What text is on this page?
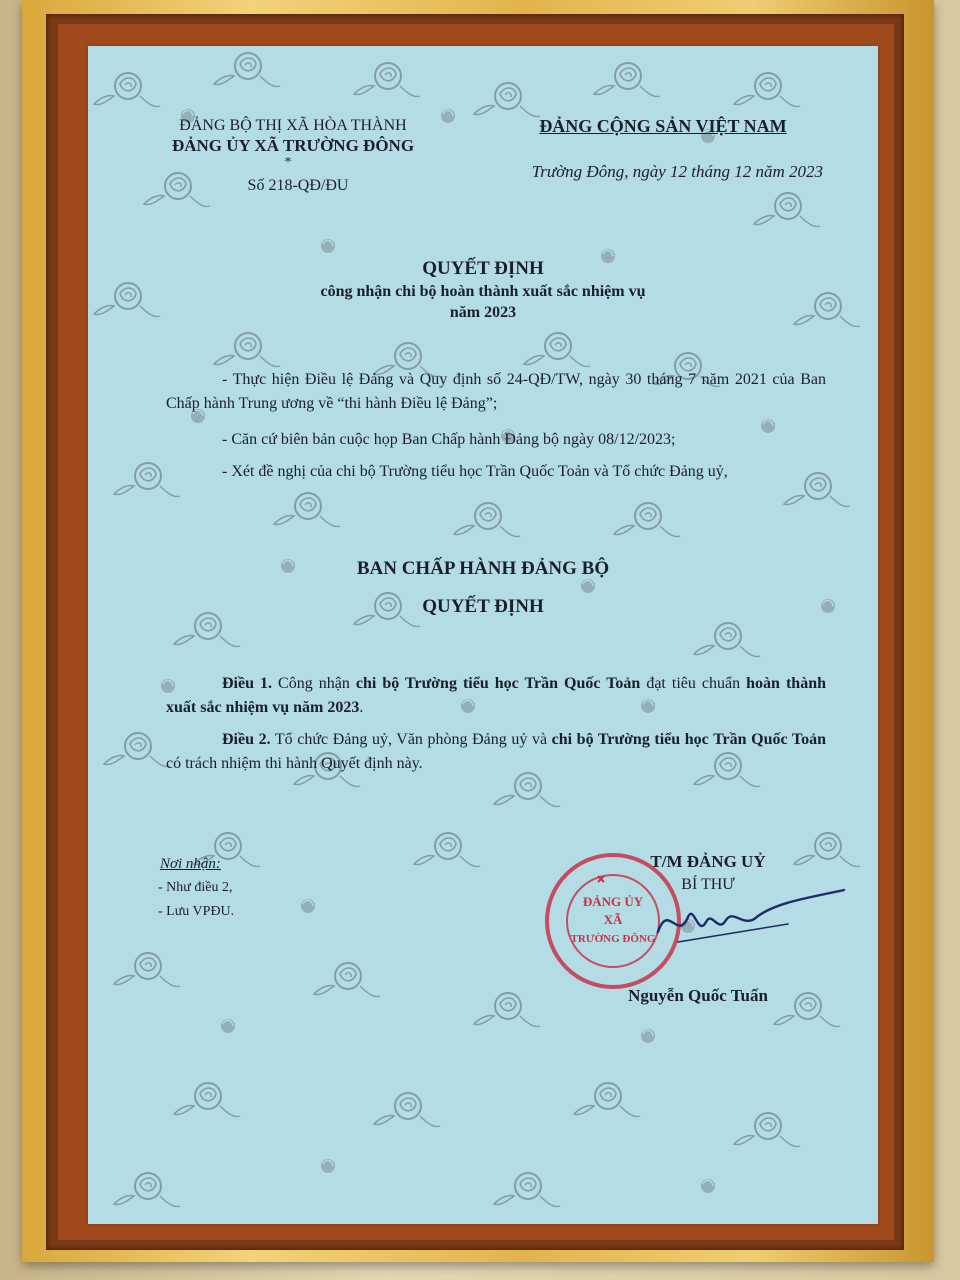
ĐẢNG BỘ THỊ XÃ HÒA THÀNH
ĐẢNG ỦY XÃ TRƯỜNG ĐÔNG
*
Số 218-QĐ/ĐU
ĐẢNG CỘNG SẢN VIỆT NAM
Trường Đông, ngày 12 tháng 12 năm 2023
QUYẾT ĐỊNH
công nhận chi bộ hoàn thành xuất sắc nhiệm vụ
năm 2023
- Thực hiện Điều lệ Đảng và Quy định số 24-QĐ/TW, ngày 30 tháng 7 năm 2021 của Ban Chấp hành Trung ương về “thi hành Điều lệ Đảng”;
- Căn cứ biên bản cuộc họp Ban Chấp hành Đảng bộ ngày 08/12/2023;
- Xét đề nghị của chi bộ Trường tiểu học Trần Quốc Toản và Tổ chức Đảng uỷ,
BAN CHẤP HÀNH ĐẢNG BỘ
QUYẾT ĐỊNH
Điều 1. Công nhận chi bộ Trường tiểu học Trần Quốc Toản đạt tiêu chuẩn hoàn thành xuất sắc nhiệm vụ năm 2023.
Điều 2. Tổ chức Đảng uỷ, Văn phòng Đảng uỷ và chi bộ Trường tiểu học Trần Quốc Toản có trách nhiệm thi hành Quyết định này.
Nơi nhận:
- Như điều 2,
- Lưu VPĐU.
ĐẢNG ỦY
XÃ
TRƯỜNG ĐÔNG
T/M ĐẢNG UỶ
BÍ THƯ
Nguyễn Quốc Tuấn
